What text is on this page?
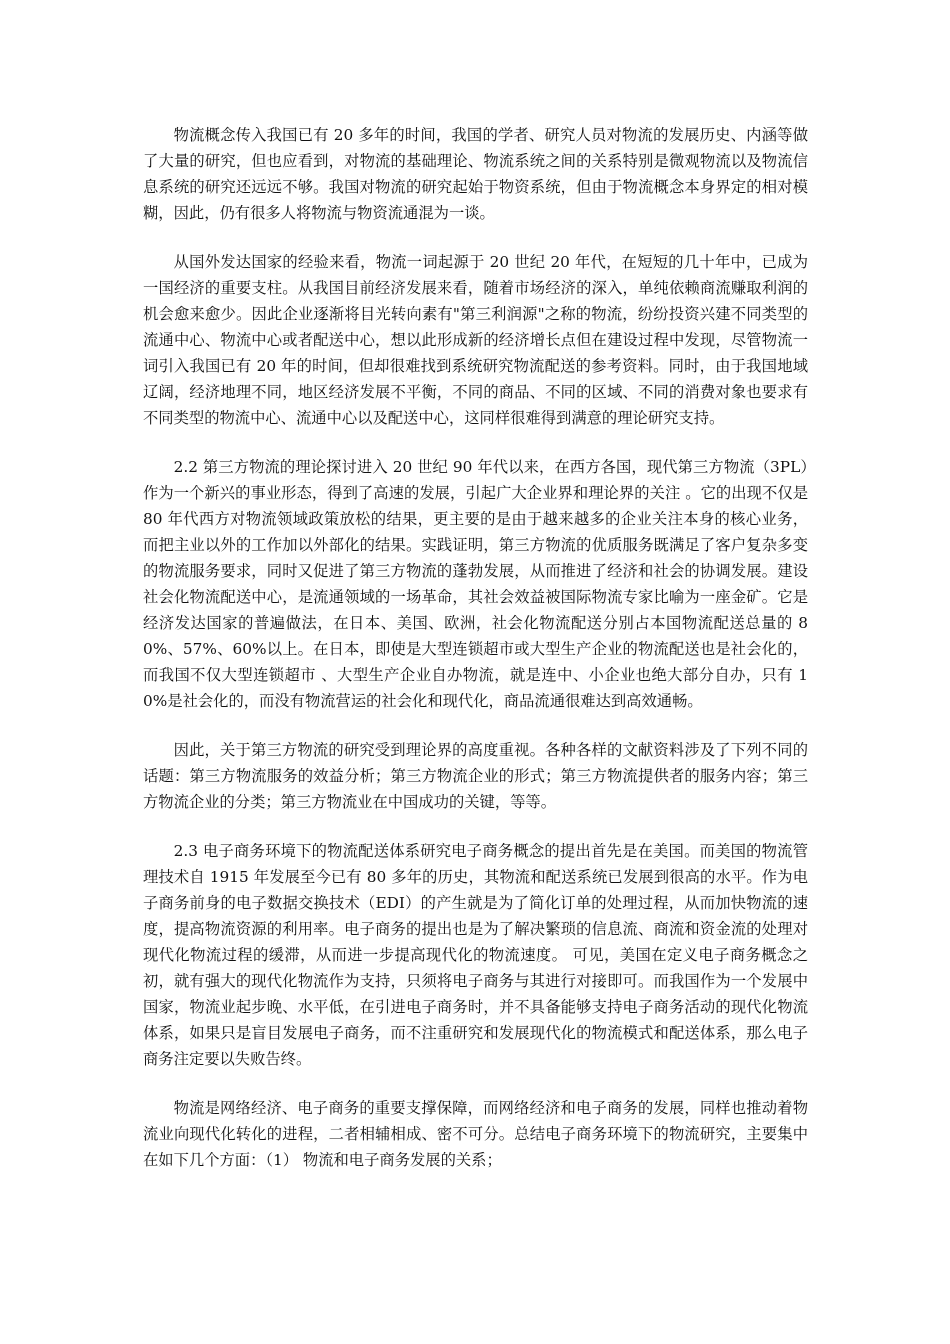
物流概念传入我国已有 20 多年的时间，我国的学者、研究人员对物流的发展历史、内涵等做了大量的研究，但也应看到，对物流的基础理论、物流系统之间的关系特别是微观物流以及物流信息系统的研究还远远不够。我国对物流的研究起始于物资系统，但由于物流概念本身界定的相对模糊，因此，仍有很多人将物流与物资流通混为一谈。

从国外发达国家的经验来看，物流一词起源于 20 世纪 20 年代，在短短的几十年中，已成为一国经济的重要支柱。从我国目前经济发展来看，随着市场经济的深入，单纯依赖商流赚取利润的机会愈来愈少。因此企业逐渐将目光转向素有"第三利润源"之称的物流，纷纷投资兴建不同类型的流通中心、物流中心或者配送中心，想以此形成新的经济增长点但在建设过程中发现，尽管物流一词引入我国已有 20 年的时间，但却很难找到系统研究物流配送的参考资料。同时，由于我国地域辽阔，经济地理不同，地区经济发展不平衡，不同的商品、不同的区域、不同的消费对象也要求有不同类型的物流中心、流通中心以及配送中心，这同样很难得到满意的理论研究支持。

2.2 第三方物流的理论探讨进入 20 世纪 90 年代以来，在西方各国，现代第三方物流（3PL）作为一个新兴的事业形态，得到了高速的发展，引起广大企业界和理论界的关注 。它的出现不仅是 80 年代西方对物流领域政策放松的结果，更主要的是由于越来越多的企业关注本身的核心业务，而把主业以外的工作加以外部化的结果。实践证明，第三方物流的优质服务既满足了客户复杂多变的物流服务要求，同时又促进了第三方物流的蓬勃发展，从而推进了经济和社会的协调发展。建设社会化物流配送中心，是流通领域的一场革命，其社会效益被国际物流专家比喻为一座金矿。它是经济发达国家的普遍做法，在日本、美国、欧洲，社会化物流配送分别占本国物流配送总量的 80%、57%、60%以上。在日本，即使是大型连锁超市或大型生产企业的物流配送也是社会化的，而我国不仅大型连锁超市 、大型生产企业自办物流，就是连中、小企业也绝大部分自办，只有 10%是社会化的，而没有物流营运的社会化和现代化，商品流通很难达到高效通畅。

因此，关于第三方物流的研究受到理论界的高度重视。各种各样的文献资料涉及了下列不同的话题：第三方物流服务的效益分析；第三方物流企业的形式；第三方物流提供者的服务内容；第三方物流企业的分类；第三方物流业在中国成功的关键，等等。

2.3 电子商务环境下的物流配送体系研究电子商务概念的提出首先是在美国。而美国的物流管理技术自 1915 年发展至今已有 80 多年的历史，其物流和配送系统已发展到很高的水平。作为电子商务前身的电子数据交换技术（EDI）的产生就是为了简化订单的处理过程，从而加快物流的速度，提高物流资源的利用率。电子商务的提出也是为了解决繁琐的信息流、商流和资金流的处理对现代化物流过程的缓滞，从而进一步提高现代化的物流速度。 可见，美国在定义电子商务概念之初，就有强大的现代化物流作为支持，只须将电子商务与其进行对接即可。而我国作为一个发展中国家，物流业起步晚、水平低，在引进电子商务时，并不具备能够支持电子商务活动的现代化物流体系，如果只是盲目发展电子商务，而不注重研究和发展现代化的物流模式和配送体系，那么电子商务注定要以失败告终。

物流是网络经济、电子商务的重要支撑保障，而网络经济和电子商务的发展，同样也推动着物流业向现代化转化的进程，二者相辅相成、密不可分。总结电子商务环境下的物流研究，主要集中在如下几个方面：（1） 物流和电子商务发展的关系；
